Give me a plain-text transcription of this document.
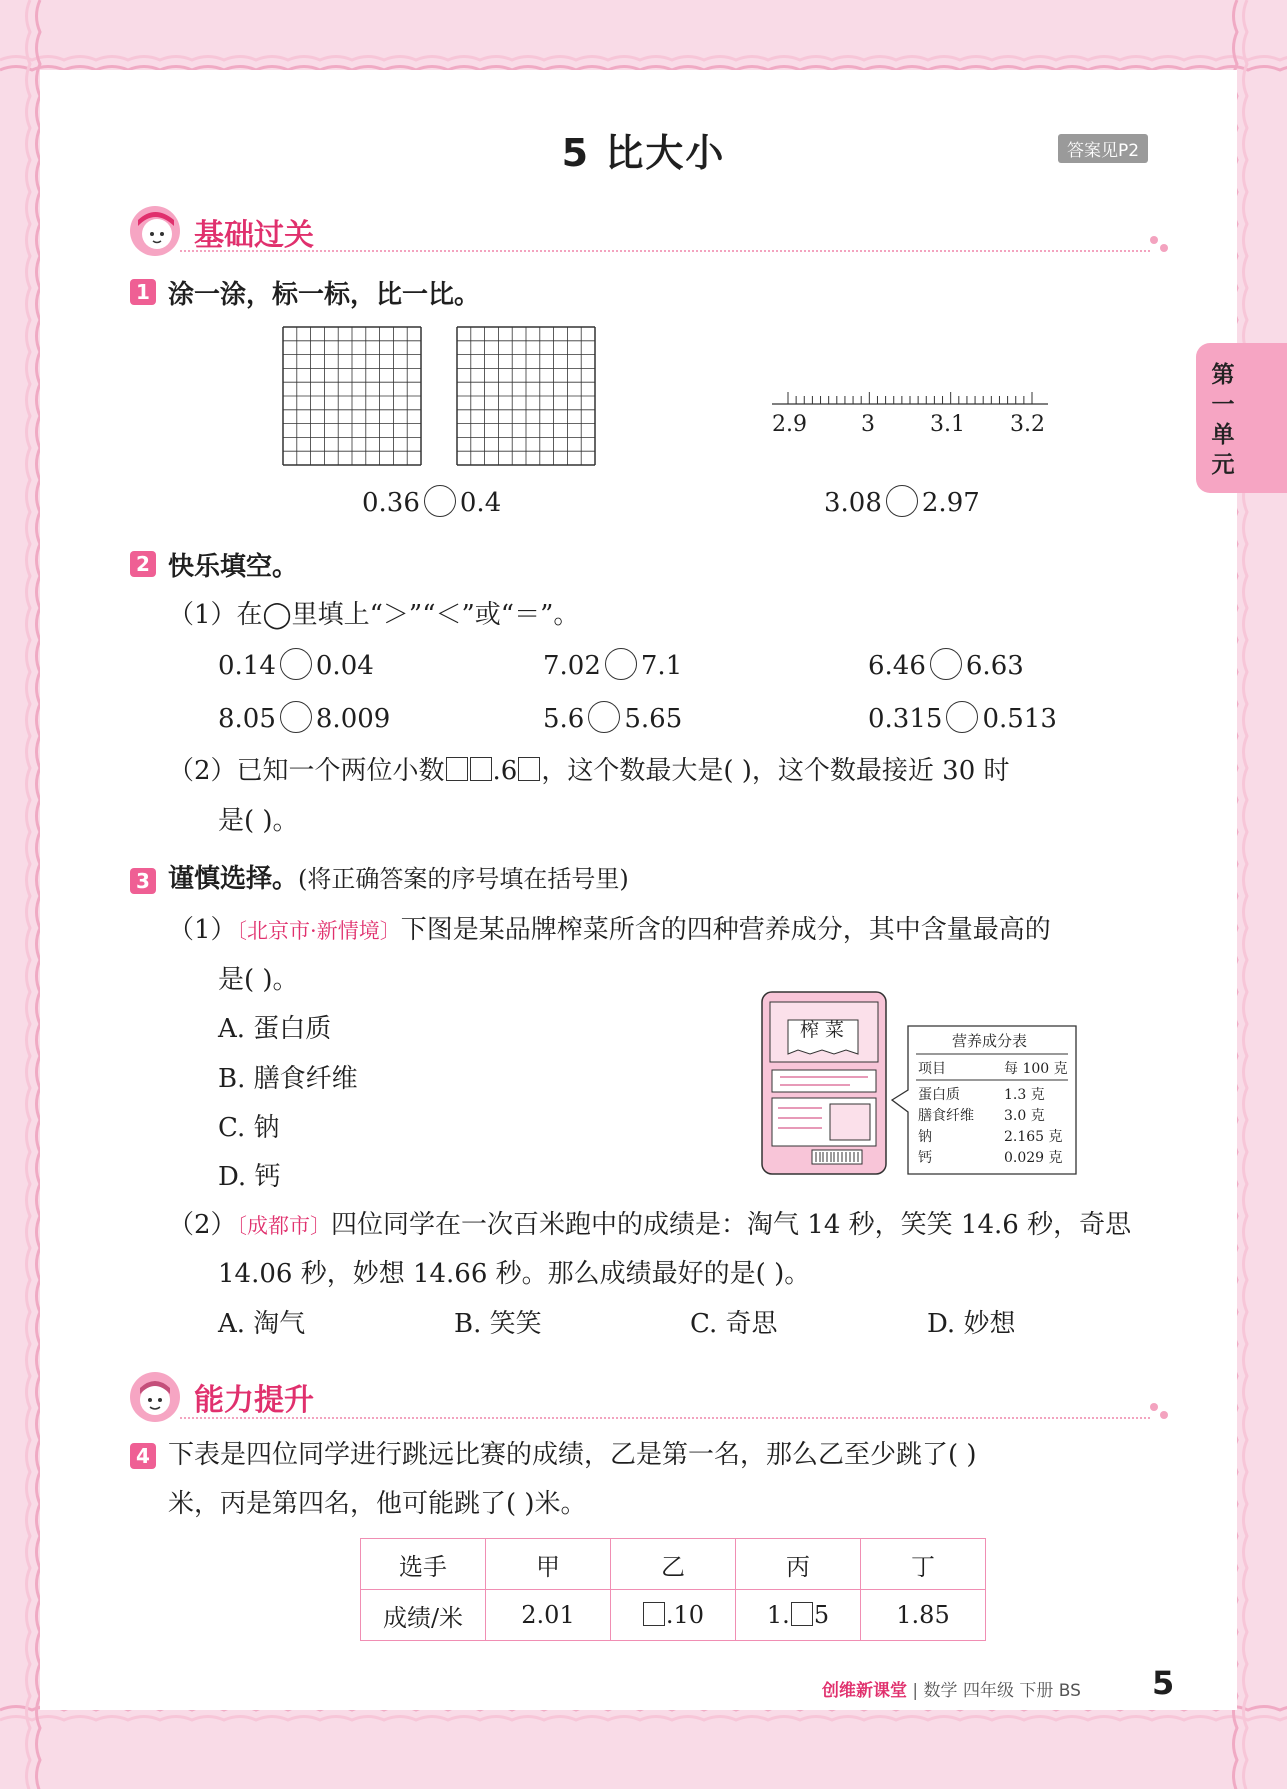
5 比大小	答案见P2
第一单元
基础过关
1 涂一涂，标一标，比一比。
2.9 3	3.1 3.2
0.36 0.4	3.08 2.97
2 快乐填空。
（1）在◯里填上“＞”“＜”或“＝”。
0.14 0.04	7.02 7.1	6.46 6.63
8.05 8.009	5.6 5.65	0.315 0.513
（2）已知一个两位小数 .6 ，这个数最大是( )，这个数最接近 30 时
是( )。
3 谨慎选择。(将正确答案的序号填在括号里)
（1）〔北京市·新情境〕下图是某品牌榨菜所含的四种营养成分，其中含量最高的
是( )。
A. 蛋白质
B. 膳食纤维
C. 钠
D. 钙
榨 菜	营养成分表
项目	每 100 克
蛋白质	1.3 克
膳食纤维 3.0 克
钠	2.165 克
钙	0.029 克
（2）〔成都市〕四位同学在一次百米跑中的成绩是：淘气 14 秒，笑笑 14.6 秒，奇思
14.06 秒，妙想 14.66 秒。那么成绩最好的是( )。
A. 淘气	B. 笑笑	C. 奇思	D. 妙想
能力提升
4 下表是四位同学进行跳远比赛的成绩，乙是第一名，那么乙至少跳了( )
米，丙是第四名，他可能跳了( )米。
选手	甲	乙	丙	丁
成绩/米	2.01	.10	1. 5	1.85
创维新课堂 | 数学 四年级 下册 BS 5
